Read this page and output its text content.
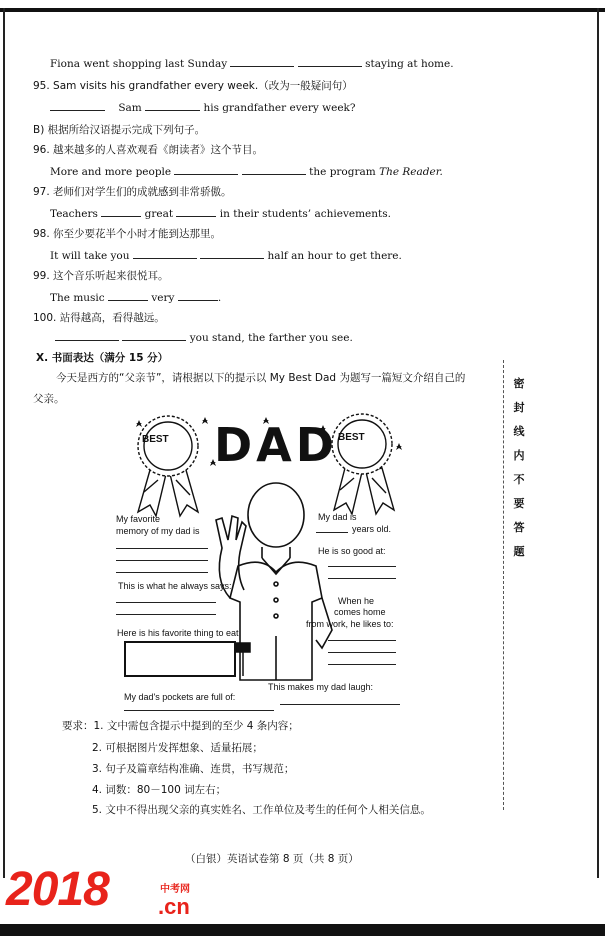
Fiona went shopping last Sunday	staying at home.
95. Sam visits his grandfather every week.（改为一般疑问句）
Sam	his grandfather every week?
B) 根据所给汉语提示完成下列句子。
96. 越来越多的人喜欢观看《朗读者》这个节目。
More and more people	the program The Reader.
97. 老师们对学生们的成就感到非常骄傲。
Teachers	great	in their students’ achievements.
98. 你至少要花半个小时才能到达那里。
It will take you	half an hour to get there.
99. 这个音乐听起来很悦耳。
The music	very	.
100. 站得越高，看得越远。
you stand, the farther you see.
X. 书面表达（满分 15 分）
今天是西方的“父亲节”，请根据以下的提示以 My Best Dad 为题写一篇短文介绍自己的
父亲。
BEST	BEST
DAD
My favorite
memory of my dad is
This is what he always says:
Here is his favorite thing to eat
My dad's pockets are full of:
My dad is
years old.
He is so good at:
When he
comes home
from work, he likes to:
This makes my dad laugh:
要求：1. 文中需包含提示中提到的至少 4 条内容；
2. 可根据图片发挥想象、适量拓展；
3. 句子及篇章结构准确、连贯，书写规范；
4. 词数：80－100 词左右；
5. 文中不得出现父亲的真实姓名、工作单位及考生的任何个人相关信息。
密封线内不要答题
（白银）英语试卷第 8 页（共 8 页）
2018	中考网
.cn
